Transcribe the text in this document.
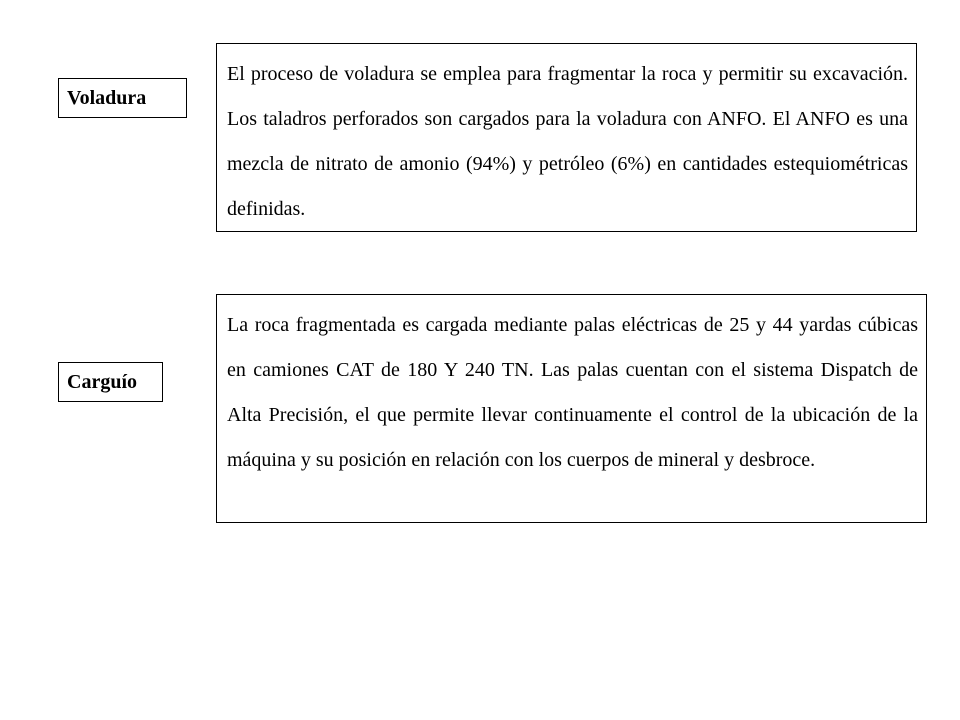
Voladura

El proceso de voladura se emplea para fragmentar la roca y permitir su excavación. Los taladros perforados son cargados para la voladura con ANFO. El ANFO es una mezcla de nitrato de amonio (94%) y petróleo (6%) en cantidades estequiométricas definidas.

Carguío

La roca fragmentada es cargada mediante palas eléctricas de 25 y 44 yardas cúbicas en camiones CAT de 180 Y 240 TN. Las palas cuentan con el sistema Dispatch de Alta Precisión, el que permite llevar continuamente el control de la ubicación de la máquina y su posición en relación con los cuerpos de mineral y desbroce.
